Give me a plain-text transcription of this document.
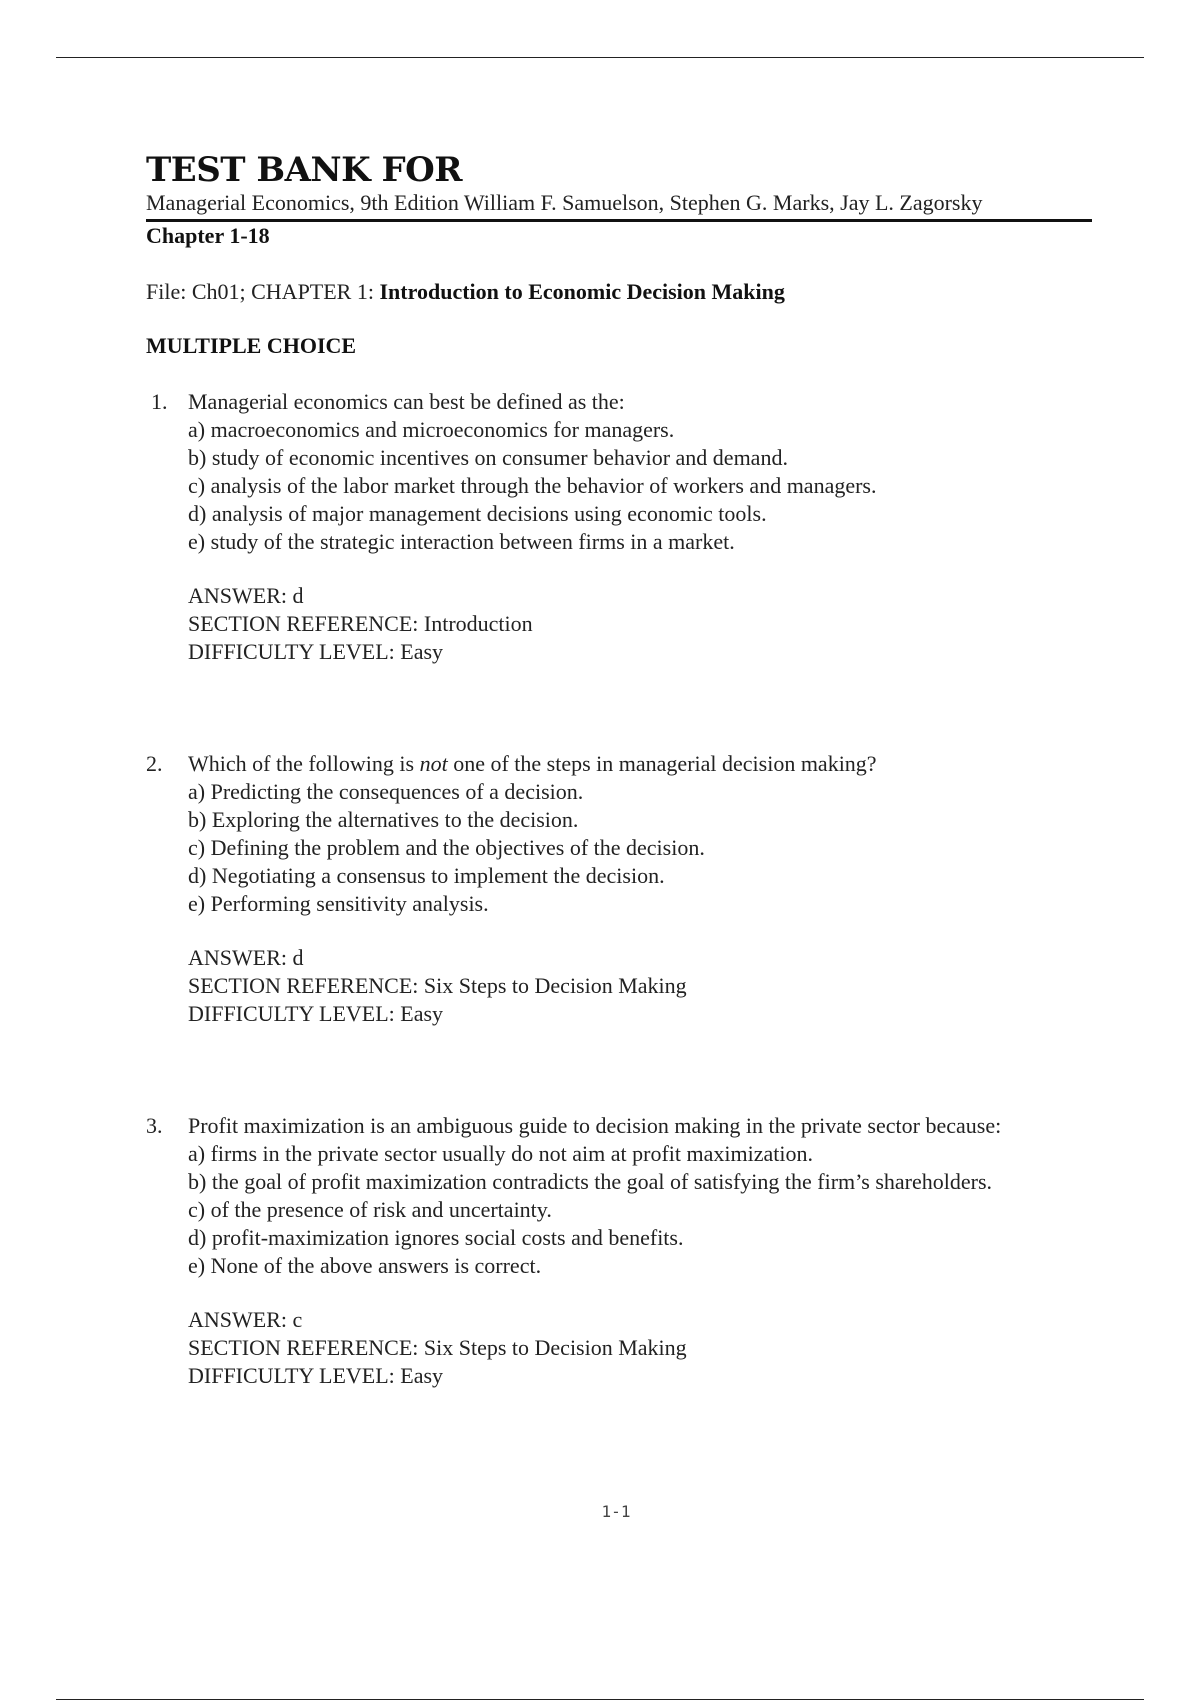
TEST BANK FOR
Managerial Economics, 9th Edition William F. Samuelson, Stephen G. Marks, Jay L. Zagorsky
Chapter 1-18
File: Ch01; CHAPTER 1: Introduction to Economic Decision Making
MULTIPLE CHOICE
1. Managerial economics can best be defined as the:
a) macroeconomics and microeconomics for managers.
b) study of economic incentives on consumer behavior and demand.
c) analysis of the labor market through the behavior of workers and managers.
d) analysis of major management decisions using economic tools.
e) study of the strategic interaction between firms in a market.
ANSWER: d
SECTION REFERENCE: Introduction
DIFFICULTY LEVEL: Easy
2. Which of the following is not one of the steps in managerial decision making?
a) Predicting the consequences of a decision.
b) Exploring the alternatives to the decision.
c) Defining the problem and the objectives of the decision.
d) Negotiating a consensus to implement the decision.
e) Performing sensitivity analysis.
ANSWER: d
SECTION REFERENCE: Six Steps to Decision Making
DIFFICULTY LEVEL: Easy
3. Profit maximization is an ambiguous guide to decision making in the private sector because:
a) firms in the private sector usually do not aim at profit maximization.
b) the goal of profit maximization contradicts the goal of satisfying the firm’s shareholders.
c) of the presence of risk and uncertainty.
d) profit-maximization ignores social costs and benefits.
e) None of the above answers is correct.
ANSWER: c
SECTION REFERENCE: Six Steps to Decision Making
DIFFICULTY LEVEL: Easy
1-1
